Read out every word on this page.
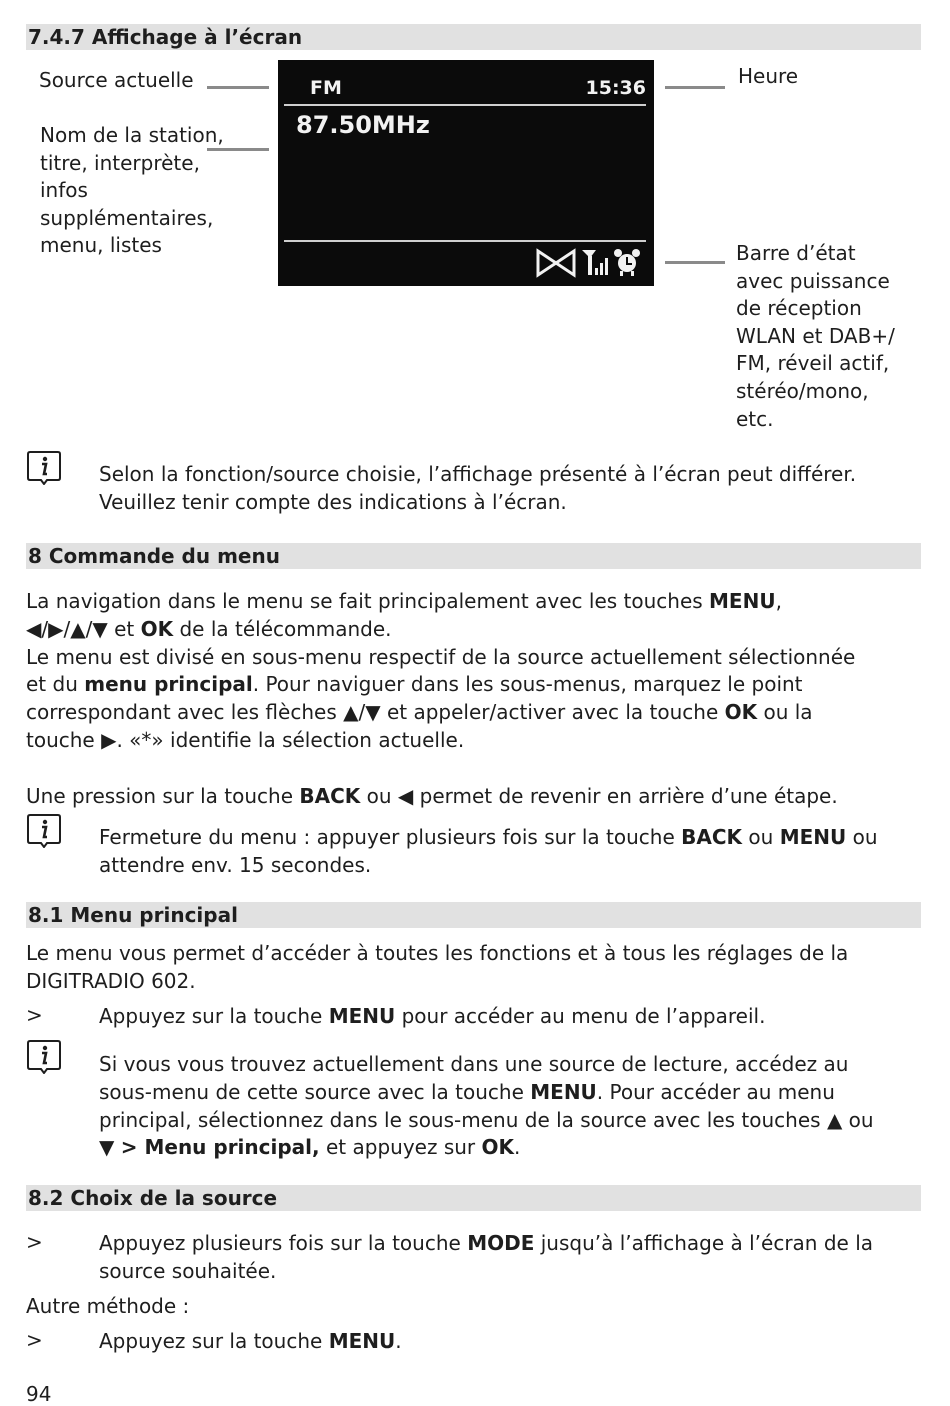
7.4.7 Affichage à l’écran
Source actuelle
Nom de la station,
titre, interprète,
infos
supplémentaires,
menu, listes
Heure
Barre d’état
avec puissance
de réception
WLAN et DAB+/
FM, réveil actif,
stéréo/mono,
etc.
FM	15:36
87.50MHz
Selon la fonction/source choisie, l’affichage présenté à l’écran peut différer.
Veuillez tenir compte des indications à l’écran.
8 Commande du menu
La navigation dans le menu se fait principalement avec les touches MENU,
◀/▶/▲/▼ et OK de la télécommande.
Le menu est divisé en sous-menu respectif de la source actuellement sélectionnée
et du menu principal. Pour naviguer dans les sous-menus, marquez le point
correspondant avec les flèches ▲/▼ et appeler/activer avec la touche OK ou la
touche ▶. «*» identifie la sélection actuelle.
Une pression sur la touche BACK ou ◀ permet de revenir en arrière d’une étape.
Fermeture du menu : appuyer plusieurs fois sur la touche BACK ou MENU ou
attendre env. 15 secondes.
8.1 Menu principal
Le menu vous permet d’accéder à toutes les fonctions et à tous les réglages de la
DIGITRADIO 602.
>	Appuyez sur la touche MENU pour accéder au menu de l’appareil.
Si vous vous trouvez actuellement dans une source de lecture, accédez au
sous-menu de cette source avec la touche MENU. Pour accéder au menu
principal, sélectionnez dans le sous-menu de la source avec les touches ▲ ou
▼ > Menu principal, et appuyez sur OK.
8.2 Choix de la source
>	Appuyez plusieurs fois sur la touche MODE jusqu’à l’affichage à l’écran de la
source souhaitée.
Autre méthode :
>	Appuyez sur la touche MENU.
94
